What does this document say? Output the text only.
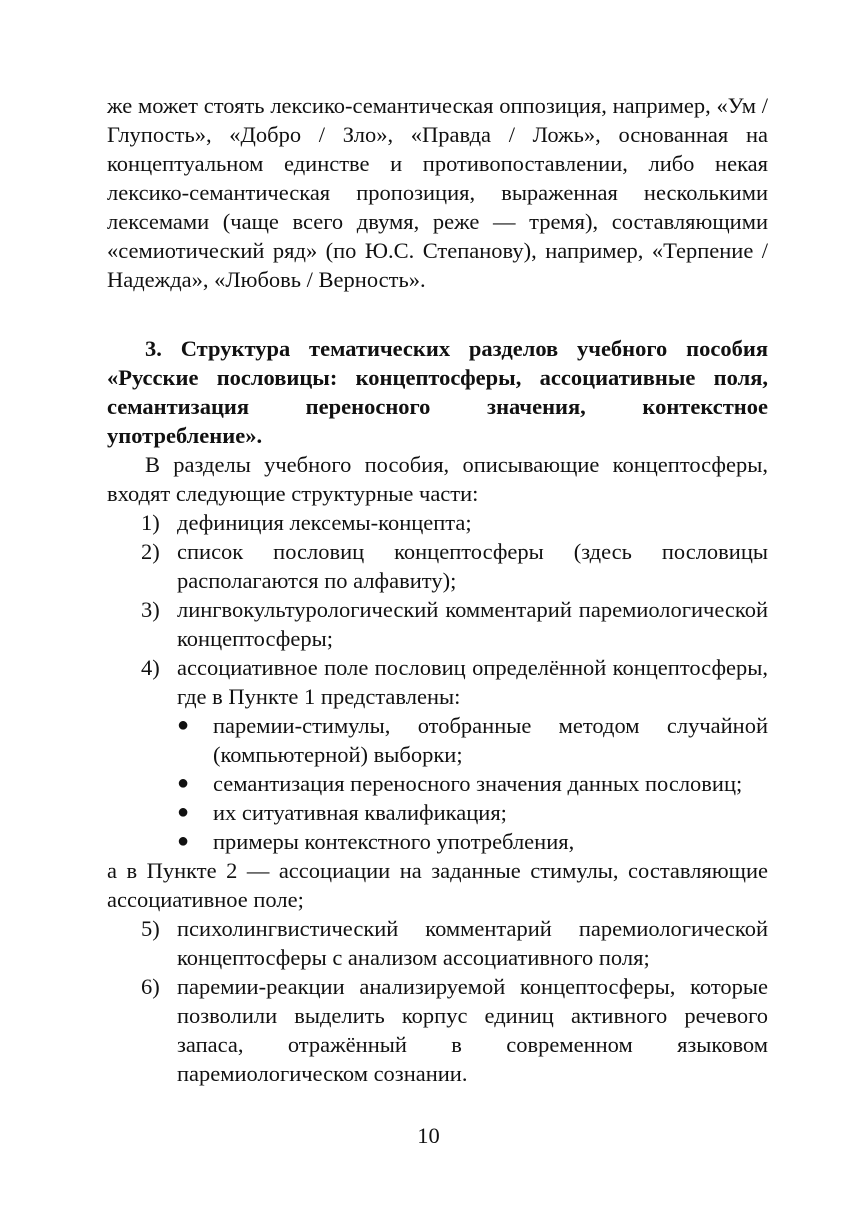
же может стоять лексико-семантическая оппозиция, например, «Ум / Глупость», «Добро / Зло», «Правда / Ложь», основанная на концептуальном единстве и противопоставлении, либо некая лексико-семантическая пропозиция, выраженная несколькими лексемами (чаще всего двумя, реже — тремя), составляющими «семиотический ряд» (по Ю.С. Степанову), например, «Терпение / Надежда», «Любовь / Верность».

3. Структура тематических разделов учебного пособия «Русские пословицы: концептосферы, ассоциативные поля, семантизация переносного значения, контекстное употребление».

В разделы учебного пособия, описывающие концептосферы, входят следующие структурные части:

1) дефиниция лексемы-концепта;
2) список пословиц концептосферы (здесь пословицы располагаются по алфавиту);
3) лингвокультурологический комментарий паремиологической концептосферы;
4) ассоциативное поле пословиц определённой концептосферы, где в Пункте 1 представлены:
● паремии-стимулы, отобранные методом случайной (компьютерной) выборки;
● семантизация переносного значения данных пословиц;
● их ситуативная квалификация;
● примеры контекстного употребления,

а в Пункте 2 — ассоциации на заданные стимулы, составляющие ассоциативное поле;

5) психолингвистический комментарий паремиологической концептосферы с анализом ассоциативного поля;
6) паремии-реакции анализируемой концептосферы, которые позволили выделить корпус единиц активного речевого запаса, отражённый в современном языковом паремиологическом сознании.
10
